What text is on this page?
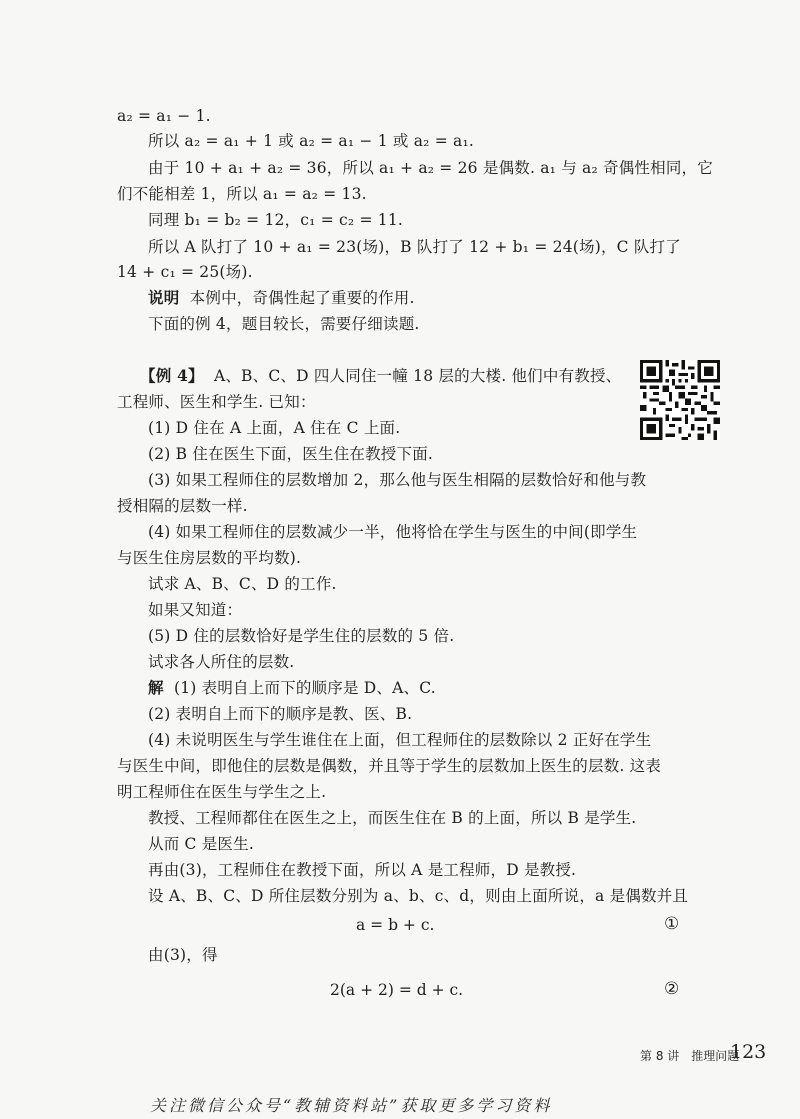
a₂ = a₁ − 1.
所以 a₂ = a₁ + 1 或 a₂ = a₁ − 1 或 a₂ = a₁.
由于 10 + a₁ + a₂ = 36，所以 a₁ + a₂ = 26 是偶数. a₁ 与 a₂ 奇偶性相同，它
们不能相差 1，所以 a₁ = a₂ = 13.
同理 b₁ = b₂ = 12，c₁ = c₂ = 11.
所以 A 队打了 10 + a₁ = 23(场)，B 队打了 12 + b₁ = 24(场)，C 队打了
14 + c₁ = 25(场).
说明 本例中，奇偶性起了重要的作用.
下面的例 4，题目较长，需要仔细读题.
【例 4】 A、B、C、D 四人同住一幢 18 层的大楼. 他们中有教授、
工程师、医生和学生. 已知：
(1) D 住在 A 上面，A 住在 C 上面.
(2) B 住在医生下面，医生住在教授下面.
(3) 如果工程师住的层数增加 2，那么他与医生相隔的层数恰好和他与教
授相隔的层数一样.
(4) 如果工程师住的层数减少一半，他将恰在学生与医生的中间(即学生
与医生住房层数的平均数).
试求 A、B、C、D 的工作.
如果又知道：
(5) D 住的层数恰好是学生住的层数的 5 倍.
试求各人所住的层数.
解 (1) 表明自上而下的顺序是 D、A、C.
(2) 表明自上而下的顺序是教、医、B.
(4) 未说明医生与学生谁住在上面，但工程师住的层数除以 2 正好在学生
与医生中间，即他住的层数是偶数，并且等于学生的层数加上医生的层数. 这表
明工程师住在医生与学生之上.
教授、工程师都住在医生之上，而医生住在 B 的上面，所以 B 是学生.
从而 C 是医生.
再由(3)，工程师住在教授下面，所以 A 是工程师，D 是教授.
设 A、B、C、D 所住层数分别为 a、b、c、d，则由上面所说，a 是偶数并且
a = b + c.	①
由(3)，得
2(a + 2) = d + c.	②
第 8 讲　推理问题
123
关注微信公众号“教辅资料站”获取更多学习资料
